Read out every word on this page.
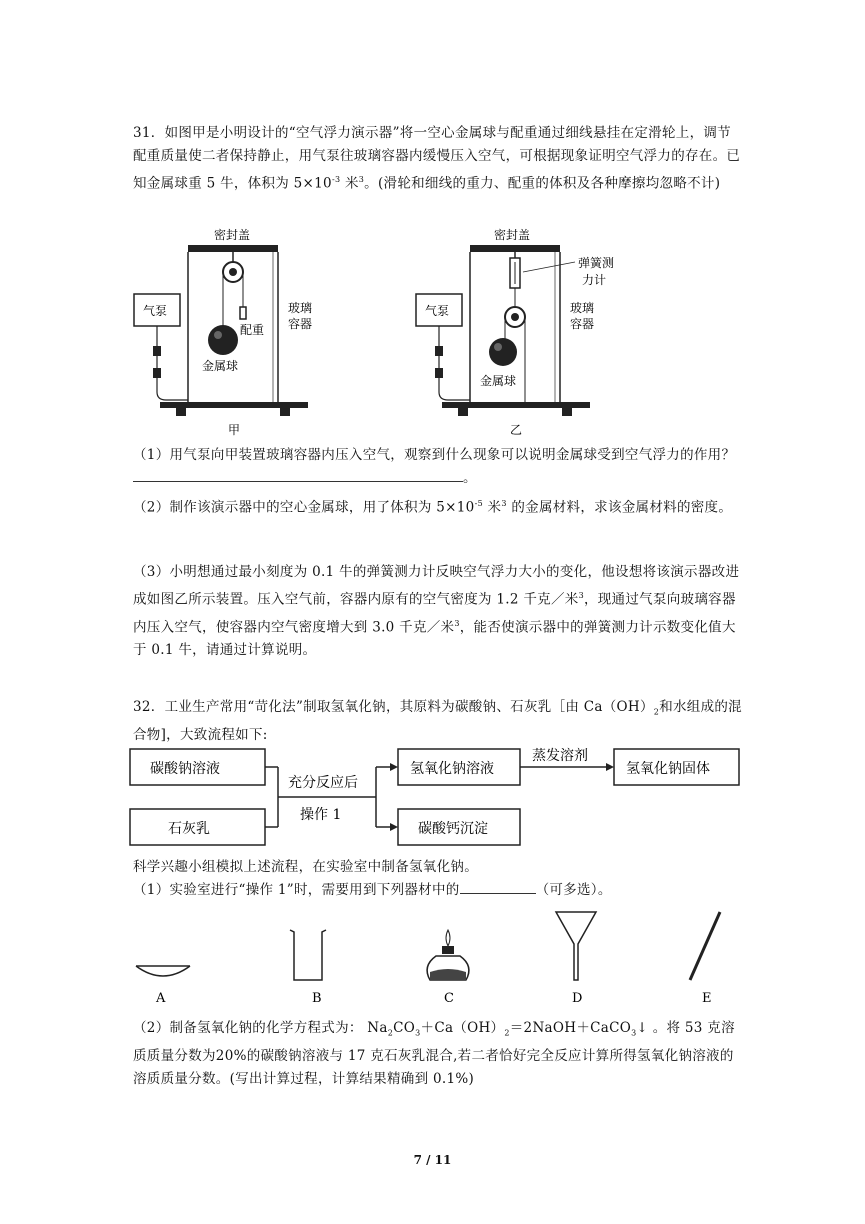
31．如图甲是小明设计的“空气浮力演示器”将一空心金属球与配重通过细线悬挂在定滑轮上，调节配重质量使二者保持静止，用气泵往玻璃容器内缓慢压入空气，可根据现象证明空气浮力的存在。已知金属球重 5 牛，体积为 $5\times 10^{-3}$ 米$^3$。(滑轮和细线的重力、配重的体积及各种摩擦均忽略不计)

密封盖
配重
金属球
玻璃
容器
气泵
甲
密封盖
弹簧测
力计
金属球
玻璃
容器
气泵
乙

（1）用气泵向甲装置玻璃容器内压入空气，观察到什么现象可以说明金属球受到空气浮力的作用？。

（2）制作该演示器中的空心金属球，用了体积为 $5\times 10^{-5}$ 米$^3$ 的金属材料，求该金属材料的密度。

（3）小明想通过最小刻度为 0.1 牛的弹簧测力计反映空气浮力大小的变化，他设想将该演示器改进成如图乙所示装置。压入空气前，容器内原有的空气密度为 1.2 千克／米$^3$，现通过气泵向玻璃容器内压入空气，使容器内空气密度增大到 3.0 千克／米$^3$，能否使演示器中的弹簧测力计示数变化值大于 0.1 牛，请通过计算说明。

32．工业生产常用“苛化法”制取氢氧化钠，其原料为碳酸钠、石灰乳［由 $Ca(OH)_2$和水组成的混合物]，大致流程如下:

碳酸钠溶液
石灰乳
氢氧化钠溶液
碳酸钙沉淀
氢氧化钠固体
充分反应后
操作 1
蒸发溶剂

科学兴趣小组模拟上述流程，在实验室中制备氢氧化钠。

（1）实验室进行“操作 1”时，需要用到下列器材中的	（可多选）。

A	B	C	D	E

（2）制备氢氧化钠的化学方程式为： $Na_2CO_3+Ca(OH)_2=2NaOH+CaCO_3↓$ 。将 53 克溶质质量分数为20%的碳酸钠溶液与 17 克石灰乳混合,若二者恰好完全反应计算所得氢氧化钠溶液的溶质质量分数。(写出计算过程，计算结果精确到 0.1%)

7 / 11
